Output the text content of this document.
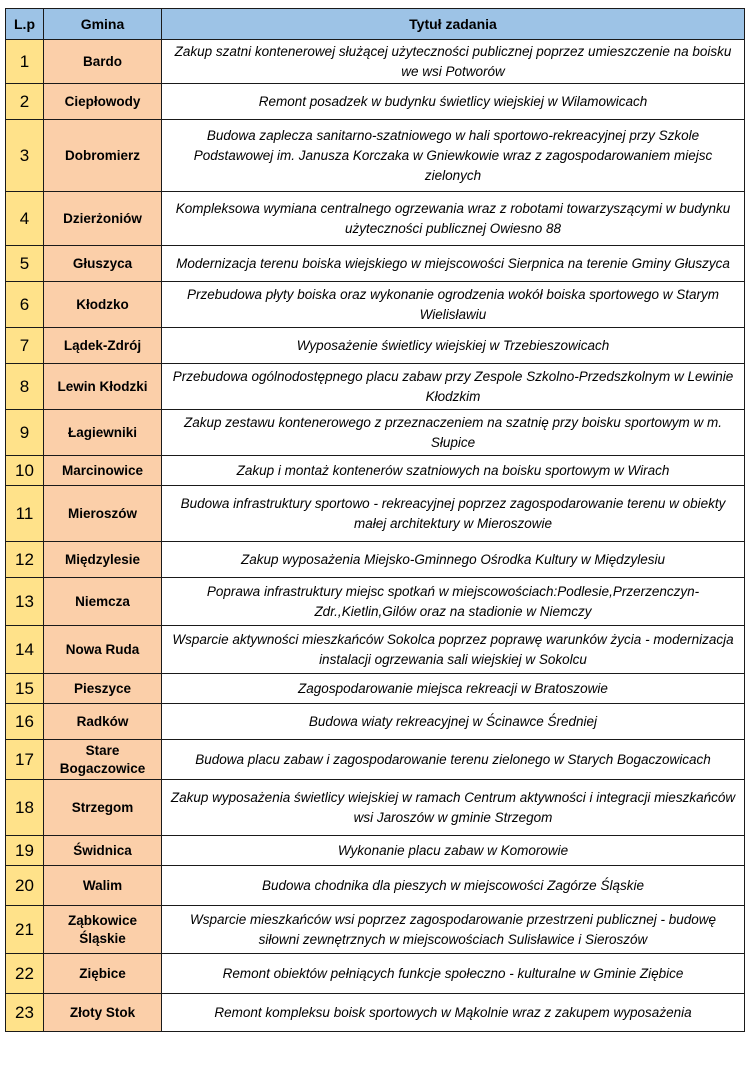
L.p	Gmina	Tytuł zadania
1	Bardo	Zakup szatni kontenerowej służącej użyteczności publicznej poprzez umieszczenie na boisku we wsi Potworów
2	Ciepłowody	Remont posadzek w budynku świetlicy wiejskiej w Wilamowicach
3	Dobromierz	Budowa zaplecza sanitarno-szatniowego w hali sportowo-rekreacyjnej przy Szkole Podstawowej im. Janusza Korczaka w Gniewkowie wraz z zagospodarowaniem miejsc zielonych
4	Dzierżoniów	Kompleksowa wymiana centralnego ogrzewania wraz z robotami towarzyszącymi w budynku użyteczności publicznej Owiesno 88
5	Głuszyca	Modernizacja terenu boiska wiejskiego w miejscowości Sierpnica na terenie Gminy Głuszyca
6	Kłodzko	Przebudowa płyty boiska oraz wykonanie ogrodzenia wokół boiska sportowego w Starym Wielisławiu
7	Lądek-Zdrój	Wyposażenie świetlicy wiejskiej w Trzebieszowicach
8	Lewin Kłodzki	Przebudowa ogólnodostępnego placu zabaw przy Zespole Szkolno-Przedszkolnym w Lewinie Kłodzkim
9	Łagiewniki	Zakup zestawu kontenerowego z przeznaczeniem na szatnię przy boisku sportowym w m. Słupice
10	Marcinowice	Zakup i montaż kontenerów szatniowych na boisku sportowym w Wirach
11	Mieroszów	Budowa infrastruktury sportowo - rekreacyjnej poprzez zagospodarowanie terenu w obiekty małej architektury w Mieroszowie
12	Międzylesie	Zakup wyposażenia Miejsko-Gminnego Ośrodka Kultury w Międzylesiu
13	Niemcza	Poprawa infrastruktury miejsc spotkań w miejscowościach:Podlesie,Przerzenczyn-Zdr.,Kietlin,Gilów oraz na stadionie w Niemczy
14	Nowa Ruda	Wsparcie aktywności mieszkańców Sokolca poprzez poprawę warunków życia - modernizacja instalacji ogrzewania sali wiejskiej w Sokolcu
15	Pieszyce	Zagospodarowanie miejsca rekreacji w Bratoszowie
16	Radków	Budowa wiaty rekreacyjnej w Ścinawce Średniej
17	Stare Bogaczowice	Budowa placu zabaw i zagospodarowanie terenu zielonego w Starych Bogaczowicach
18	Strzegom	Zakup wyposażenia świetlicy wiejskiej w ramach Centrum aktywności i integracji mieszkańców wsi Jaroszów w gminie Strzegom
19	Świdnica	Wykonanie placu zabaw w Komorowie
20	Walim	Budowa chodnika dla pieszych w miejscowości Zagórze Śląskie
21	Ząbkowice Śląskie	Wsparcie mieszkańców wsi poprzez zagospodarowanie przestrzeni publicznej - budowę siłowni zewnętrznych w miejscowościach Sulisławice i Sieroszów
22	Ziębice	Remont obiektów pełniących funkcje społeczno - kulturalne w Gminie Ziębice
23	Złoty Stok	Remont kompleksu boisk sportowych w Mąkolnie wraz z zakupem wyposażenia
